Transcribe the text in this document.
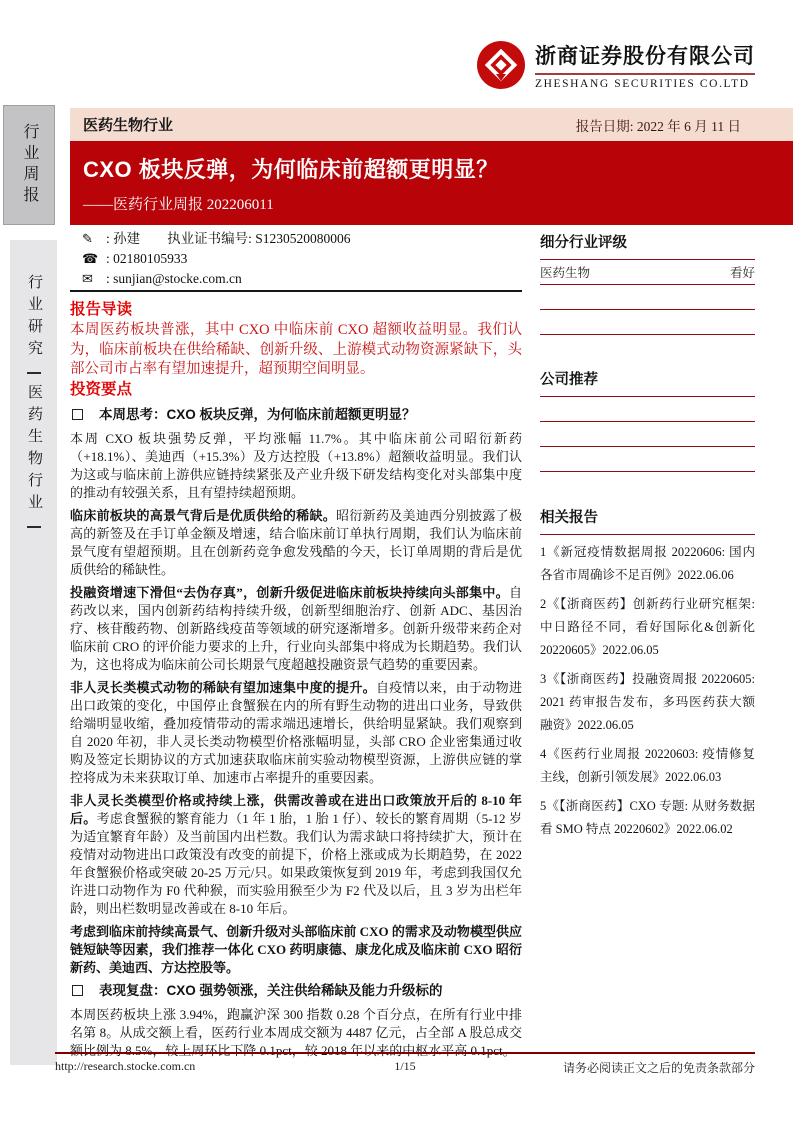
行业周报
行业研究医药生物行业
浙商证券股份有限公司
ZHESHANG SECURITIES CO.LTD
医药生物行业	报告日期: 2022 年 6 月 11 日
CXO 板块反弹，为何临床前超额更明显？
——医药行业周报 202206011
✎ : 孙建　　执业证书编号: S1230520080006
☎ : 02180105933
✉ : sunjian@stocke.com.cn
报告导读
本周医药板块普涨，其中 CXO 中临床前 CXO 超额收益明显。我们认为，临床前板块在供给稀缺、创新升级、上游模式动物资源紧缺下，头部公司市占率有望加速提升，超预期空间明显。
投资要点
本周思考：CXO 板块反弹，为何临床前超额更明显？

本周 CXO 板块强势反弹，平均涨幅 11.7%。其中临床前公司昭衍新药（+18.1%）、美迪西（+15.3%）及方达控股（+13.8%）超额收益明显。我们认为这或与临床前上游供应链持续紧张及产业升级下研发结构变化对头部集中度的推动有较强关系，且有望持续超预期。

临床前板块的高景气背后是优质供给的稀缺。昭衍新药及美迪西分别披露了极高的新签及在手订单金额及增速，结合临床前订单执行周期，我们认为临床前景气度有望超预期。且在创新药竞争愈发残酷的今天，长订单周期的背后是优质供给的稀缺性。

投融资增速下滑但“去伪存真”，创新升级促进临床前板块持续向头部集中。自药改以来，国内创新药结构持续升级，创新型细胞治疗、创新 ADC、基因治疗、核苷酸药物、创新路线疫苗等领域的研究逐渐增多。创新升级带来药企对临床前 CRO 的评价能力要求的上升，行业向头部集中将成为长期趋势。我们认为，这也将成为临床前公司长期景气度超越投融资景气趋势的重要因素。

非人灵长类模式动物的稀缺有望加速集中度的提升。自疫情以来，由于动物进出口政策的变化，中国停止食蟹猴在内的所有野生动物的进出口业务，导致供给端明显收缩，叠加疫情带动的需求端迅速增长，供给明显紧缺。我们观察到自 2020 年初，非人灵长类动物模型价格涨幅明显，头部 CRO 企业密集通过收购及签定长期协议的方式加速获取临床前实验动物模型资源，上游供应链的掌控将成为未来获取订单、加速市占率提升的重要因素。

非人灵长类模型价格或持续上涨，供需改善或在进出口政策放开后的 8-10 年后。考虑食蟹猴的繁育能力（1 年 1 胎，1 胎 1 仔）、较长的繁育周期（5-12 岁为适宜繁育年龄）及当前国内出栏数。我们认为需求缺口将持续扩大，预计在疫情对动物进出口政策没有改变的前提下，价格上涨或成为长期趋势，在 2022 年食蟹猴价格或突破 20-25 万元/只。如果政策恢复到 2019 年，考虑到我国仅允许进口动物作为 F0 代种猴，而实验用猴至少为 F2 代及以后，且 3 岁为出栏年龄，则出栏数明显改善或在 8-10 年后。

考虑到临床前持续高景气、创新升级对头部临床前 CXO 的需求及动物模型供应链短缺等因素，我们推荐一体化 CXO 药明康德、康龙化成及临床前 CXO 昭衍新药、美迪西、方达控股等。

表现复盘：CXO 强势领涨，关注供给稀缺及能力升级标的

本周医药板块上涨 3.94%，跑赢沪深 300 指数 0.28 个百分点，在所有行业中排名第 8。从成交额上看，医药行业本周成交额为 4487 亿元，占全部 A 股总成交额比例为 8.5%，较上周环比下降 0.1pct，较 2018 年以来的中枢水平高 0.1pct。

细分行业评级
医药生物	看好
公司推荐
相关报告
1《新冠疫情数据周报 20220606: 国内各省市周确诊不足百例》2022.06.06
2《【浙商医药】创新药行业研究框架: 中日路径不同，看好国际化&创新化 20220605》2022.06.05
3《【浙商医药】投融资周报 20220605: 2021 药审报告发布，多玛医药获大额融资》2022.06.05
4《医药行业周报 20220603: 疫情修复主线，创新引领发展》2022.06.03
5《【浙商医药】CXO 专题: 从财务数据看 SMO 特点 20220602》2022.06.02
http://research.stocke.com.cn	1/15	请务必阅读正文之后的免责条款部分
